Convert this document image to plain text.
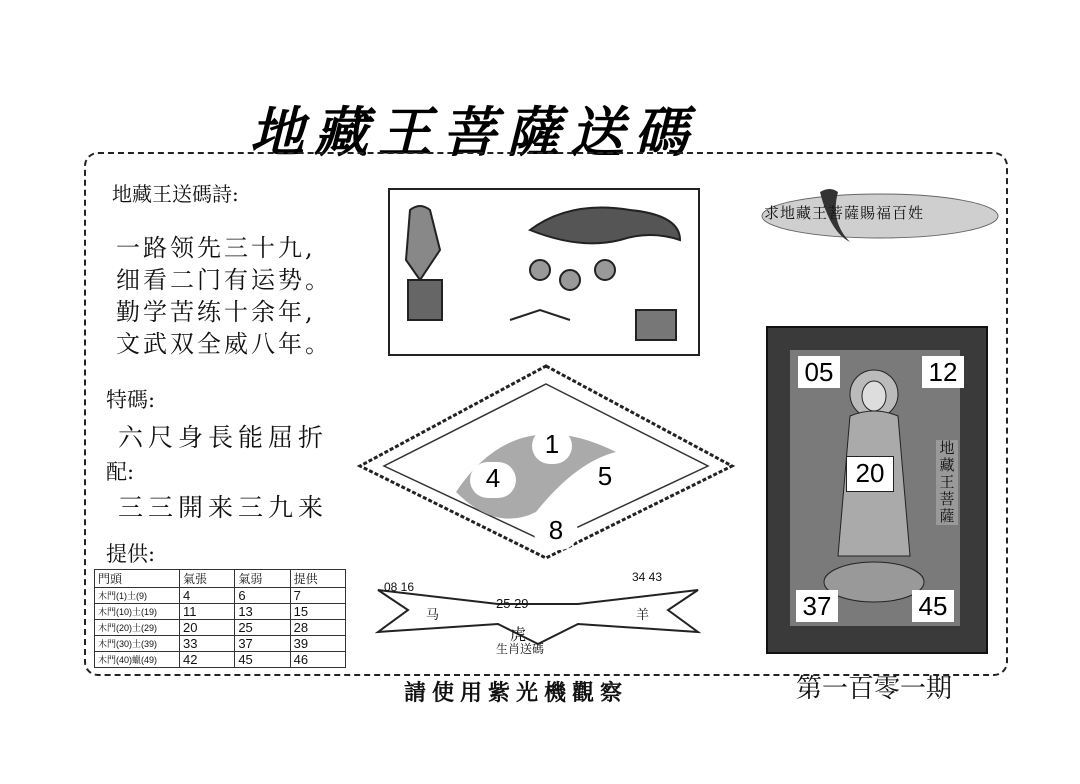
地藏王菩薩送碼
地藏王送碼詩:
一路领先三十九,
细看二门有运势。
勤学苦练十余年,
文武双全威八年。
特碼:
六尺身長能屈折
配:
三三開来三九来
提供:
門頭	氣張	氣弱	提供
木門(1)土(9)	4	6	7
木門(10)土(19)	11	13	15
木門(20)土(29)	20	25	28
木門(30)土(39)	33	37	39
木門(40)蠟(49)	42	45	46
1
4	5
8
08 16
34 43
25 29
马	羊
虎
生肖送碼
求地藏王菩薩賜福百姓
05	12
20
37	45
地藏王菩薩
請使用紫光機觀察	第一百零一期
